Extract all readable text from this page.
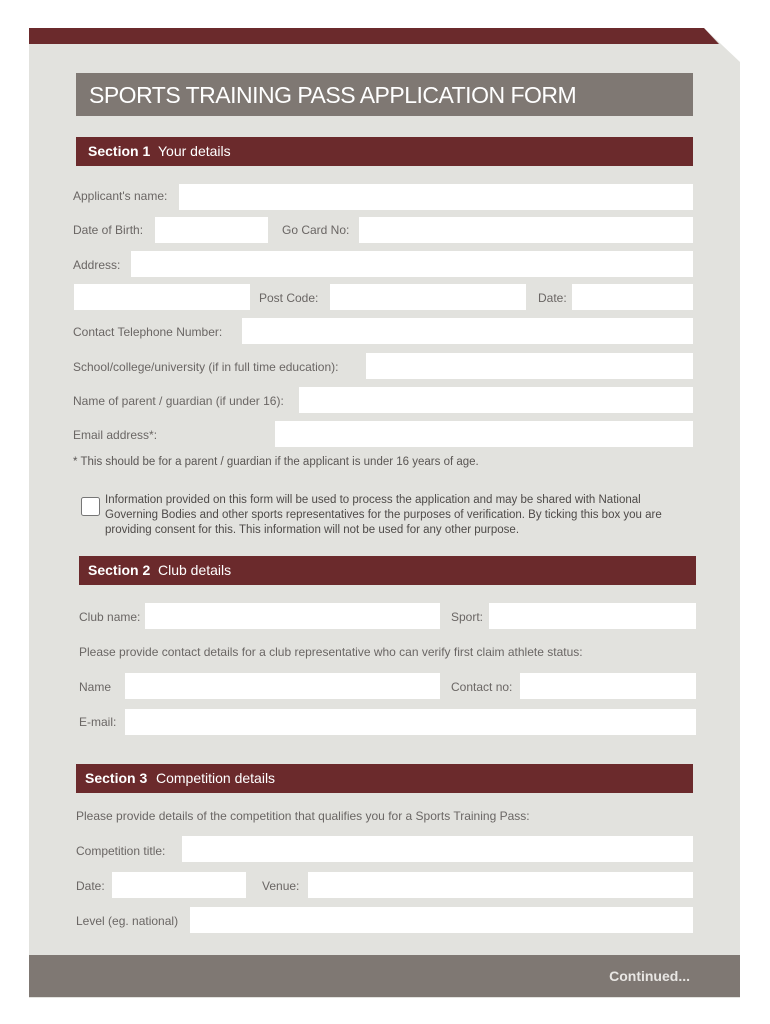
SPORTS TRAINING PASS APPLICATION FORM
Section 1 Your details
Applicant's name:
Date of Birth:	Go Card No:
Address:
Post Code:	Date:
Contact Telephone Number:
School/college/university (if in full time education):
Name of parent / guardian (if under 16):
Email address*:
* This should be for a parent / guardian if the applicant is under 16 years of age.
Information provided on this form will be used to process the application and may be shared with National Governing Bodies and other sports representatives for the purposes of verification. By ticking this box you are providing consent for this. This information will not be used for any other purpose.
Section 2 Club details
Club name:	Sport:
Please provide contact details for a club representative who can verify first claim athlete status:
Name	Contact no:
E-mail:
Section 3 Competition details
Please provide details of the competition that qualifies you for a Sports Training Pass:
Competition title:
Date:	Venue:
Level (eg. national)
Continued...
